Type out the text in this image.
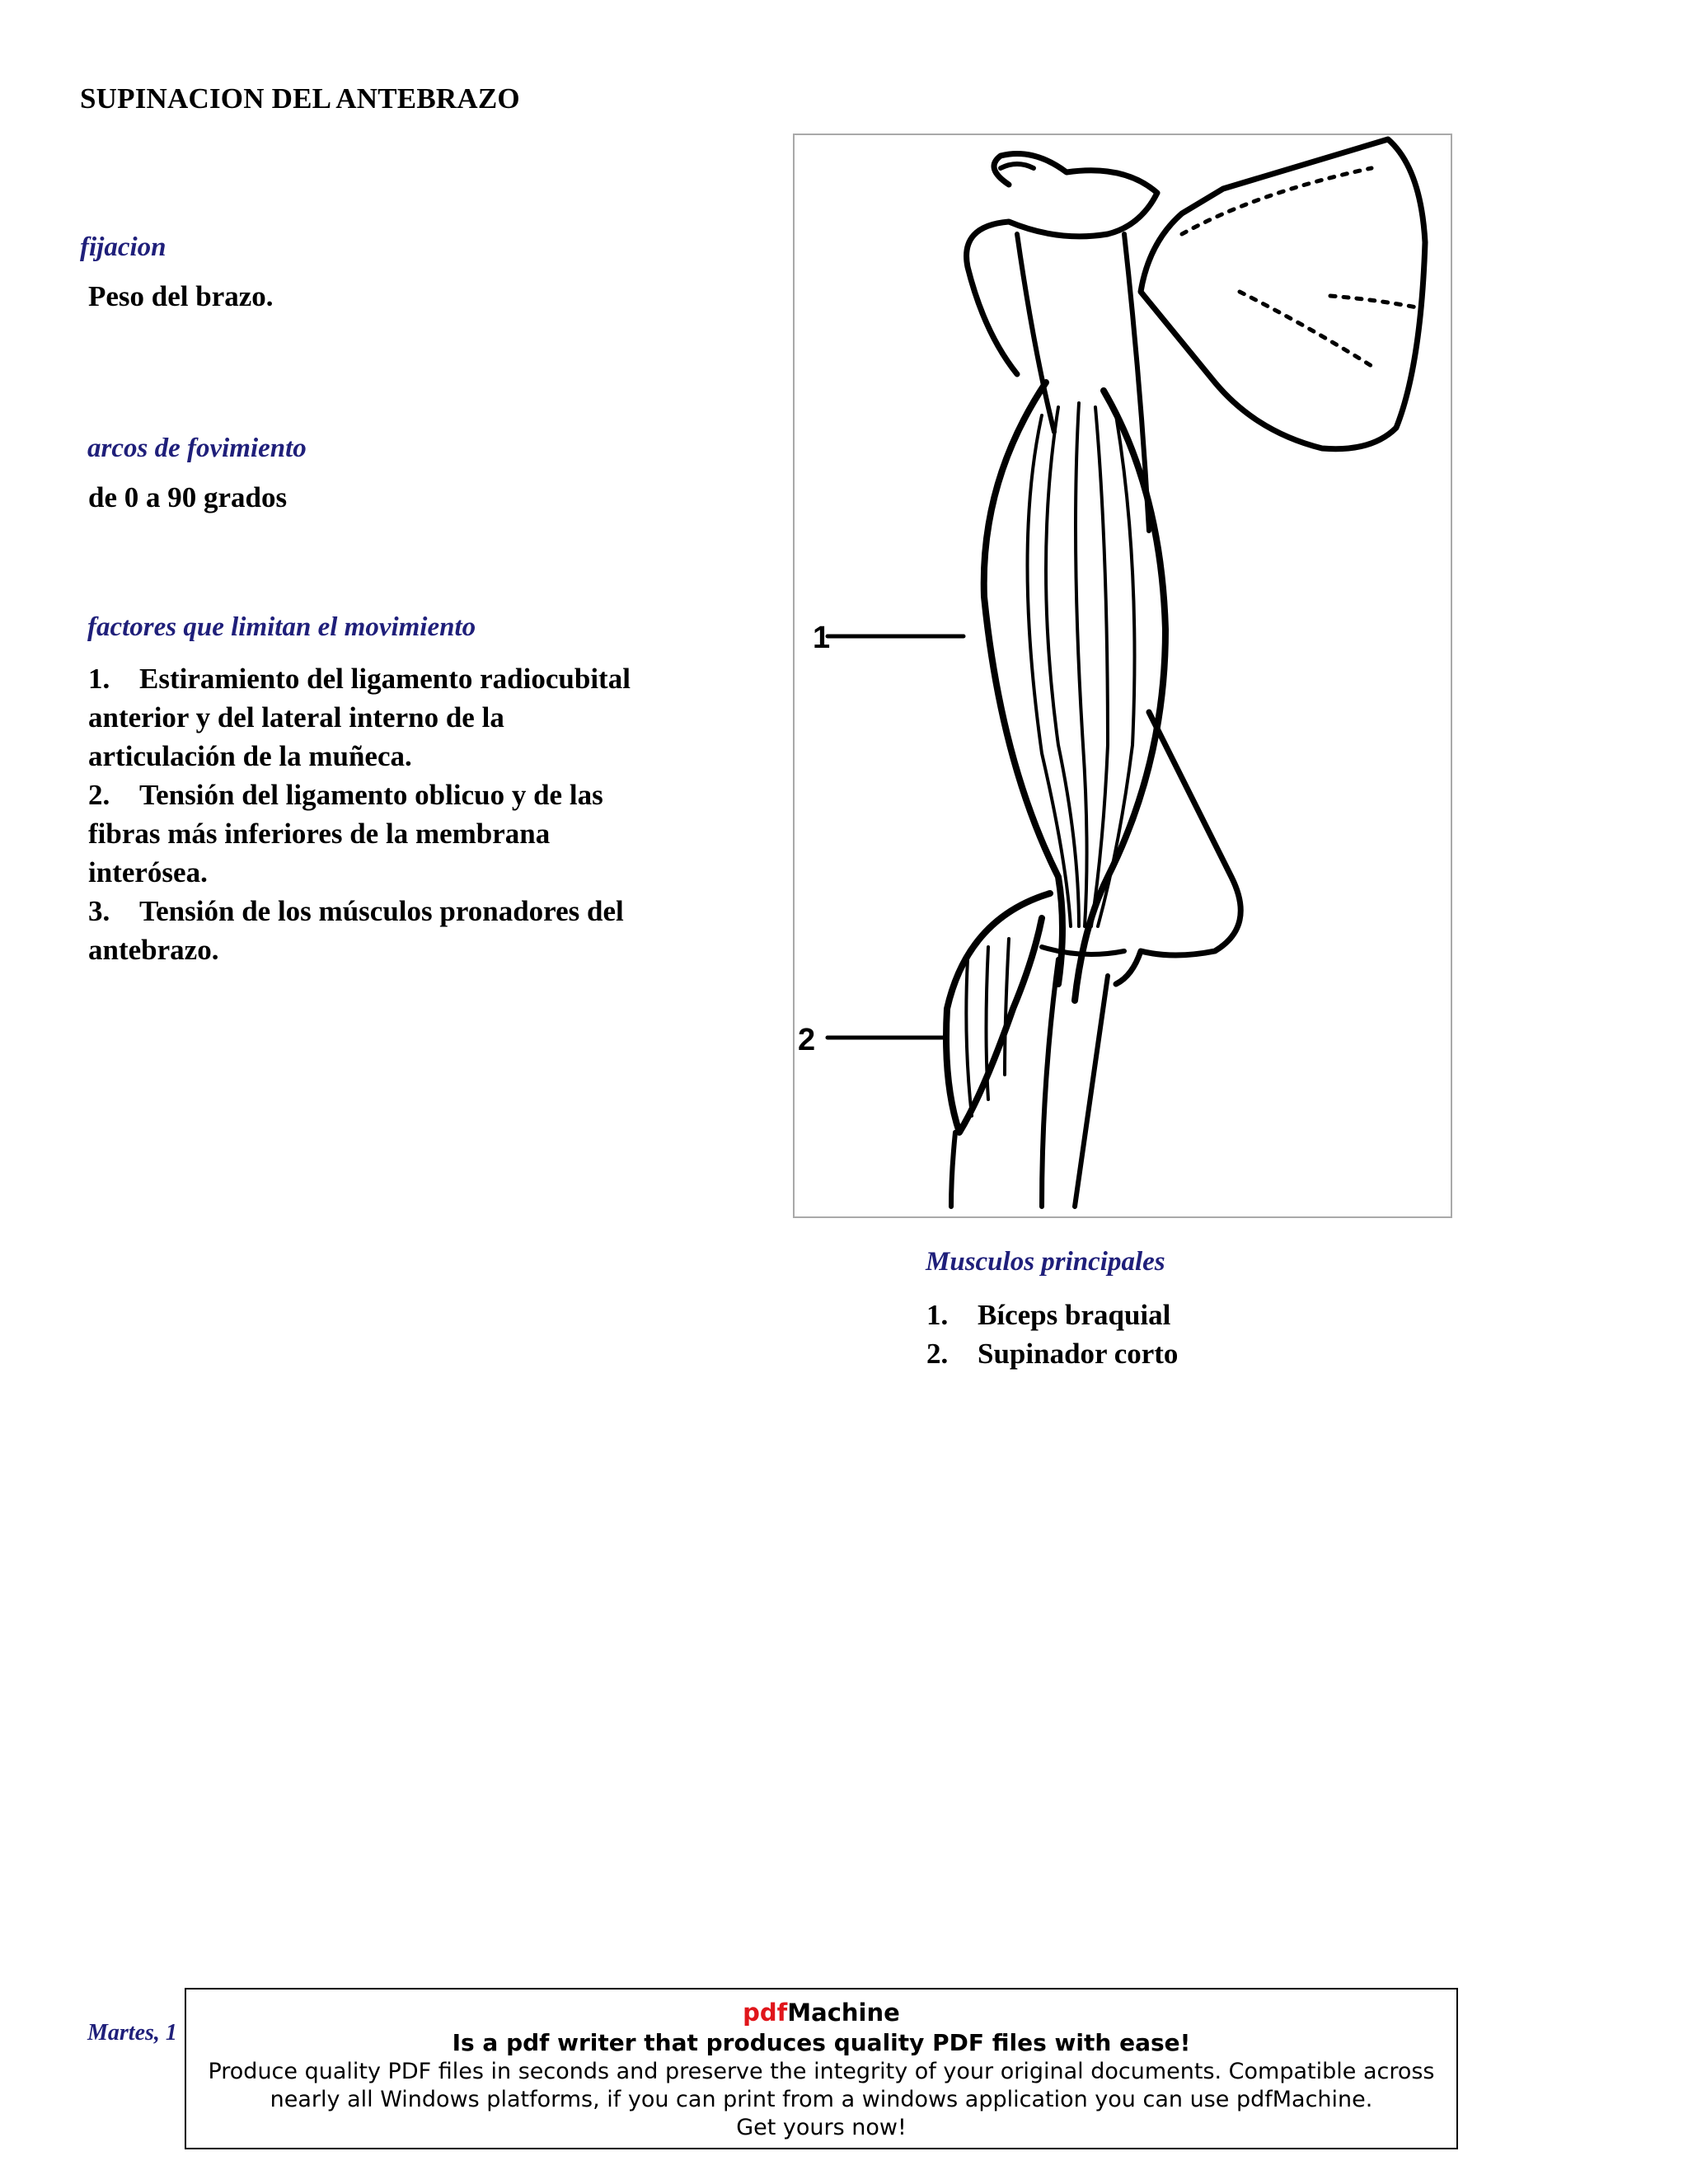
SUPINACION DEL ANTEBRAZO
fijacion
Peso del brazo.
arcos de fovimiento
de 0 a 90 grados
factores que limitan el movimiento
1. Estiramiento del ligamento radiocubital
anterior y del lateral interno de la
articulación de la muñeca.
2. Tensión del ligamento oblicuo y de las
fibras más inferiores de la membrana
interósea.
3. Tensión de los músculos pronadores del
antebrazo.
1
2
Musculos principales
1. Bíceps braquial
2. Supinador corto
Martes, 1
pdfMachine
Is a pdf writer that produces quality PDF files with ease!
Produce quality PDF files in seconds and preserve the integrity of your original documents. Compatible across
nearly all Windows platforms, if you can print from a windows application you can use pdfMachine.
Get yours now!
